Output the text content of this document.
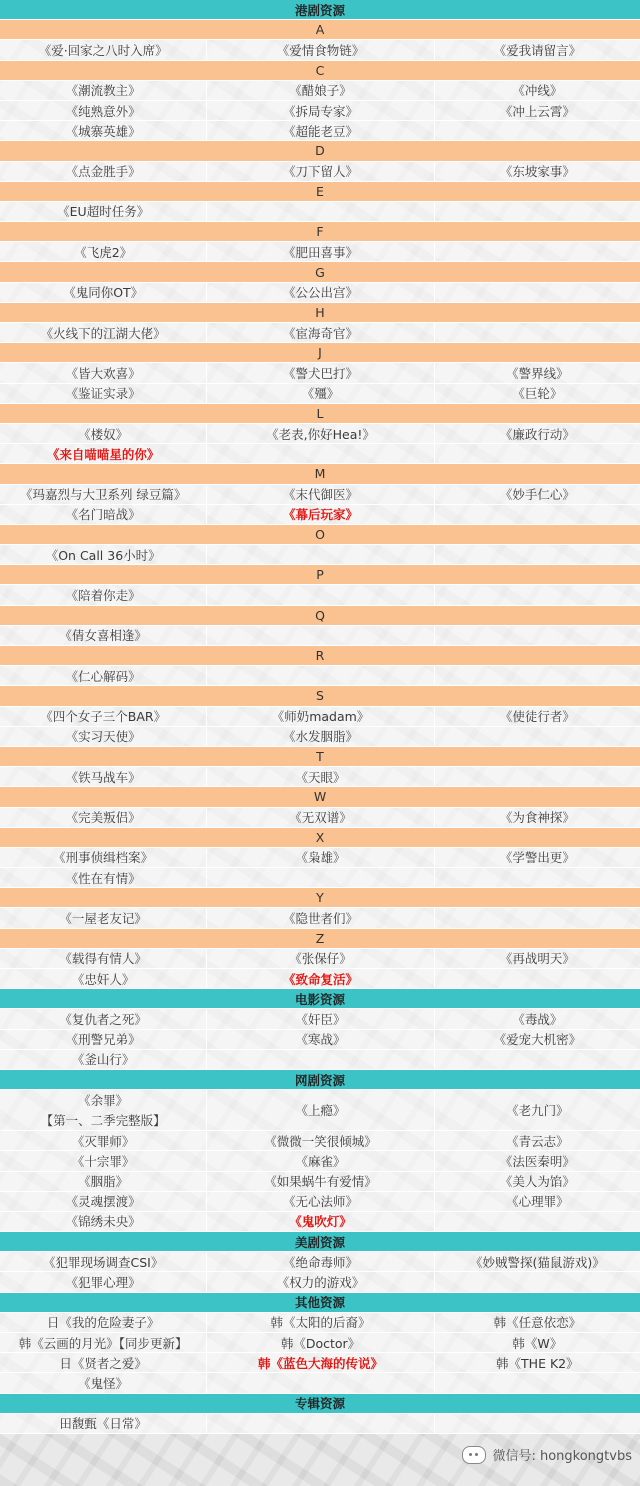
港剧资源
A
《爱·回家之八时入席》	《爱情食物链》	《爱我请留言》
C
《潮流教主》	《醋娘子》	《冲线》
《纯熟意外》	《拆局专家》	《冲上云霄》
《城寨英雄》	《超能老豆》
D
《点金胜手》	《刀下留人》	《东坡家事》
E
《EU超时任务》
F
《飞虎2》	《肥田喜事》
G
《鬼同你OT》	《公公出宫》
H
《火线下的江湖大佬》	《宦海奇官》
J
《皆大欢喜》	《警犬巴打》	《警界线》
《鉴证实录》	《殭》	《巨轮》
L
《楼奴》	《老表,你好Hea!》	《廉政行动》
《来自喵喵星的你》
M
《玛嘉烈与大卫系列 绿豆篇》	《末代御医》	《妙手仁心》
《名门暗战》	《幕后玩家》
O
《On Call 36小时》
P
《陪着你走》
Q
《倩女喜相逢》
R
《仁心解码》
S
《四个女子三个BAR》	《师奶madam》	《使徒行者》
《实习天使》	《水发胭脂》
T
《铁马战车》	《天眼》
W
《完美叛侣》	《无双谱》	《为食神探》
X
《刑事侦缉档案》	《枭雄》	《学警出更》
《性在有情》
Y
《一屋老友记》	《隐世者们》
Z
《载得有情人》	《张保仔》	《再战明天》
《忠奸人》	《致命复活》
电影资源
《复仇者之死》	《奸臣》	《毒战》
《刑警兄弟》	《寒战》	《爱宠大机密》
《釜山行》
网剧资源
《余罪》
【第一、二季完整版】
《上瘾》	《老九门》
《灭罪师》	《微微一笑很倾城》	《青云志》
《十宗罪》	《麻雀》	《法医秦明》
《胭脂》	《如果蜗牛有爱情》	《美人为馅》
《灵魂摆渡》	《无心法师》	《心理罪》
《锦绣未央》	《鬼吹灯》
美剧资源
《犯罪现场调查CSI》	《绝命毒师》	《妙贼警探(猫鼠游戏)》
《犯罪心理》	《权力的游戏》
其他资源
日《我的危险妻子》	韩《太阳的后裔》	韩《任意依恋》
韩《云画的月光》【同步更新】	韩《Doctor》	韩《W》
日《贤者之爱》	韩《蓝色大海的传说》	韩《THE K2》
《鬼怪》
专辑资源
田馥甄《日常》
微信号: hongkongtvbs
